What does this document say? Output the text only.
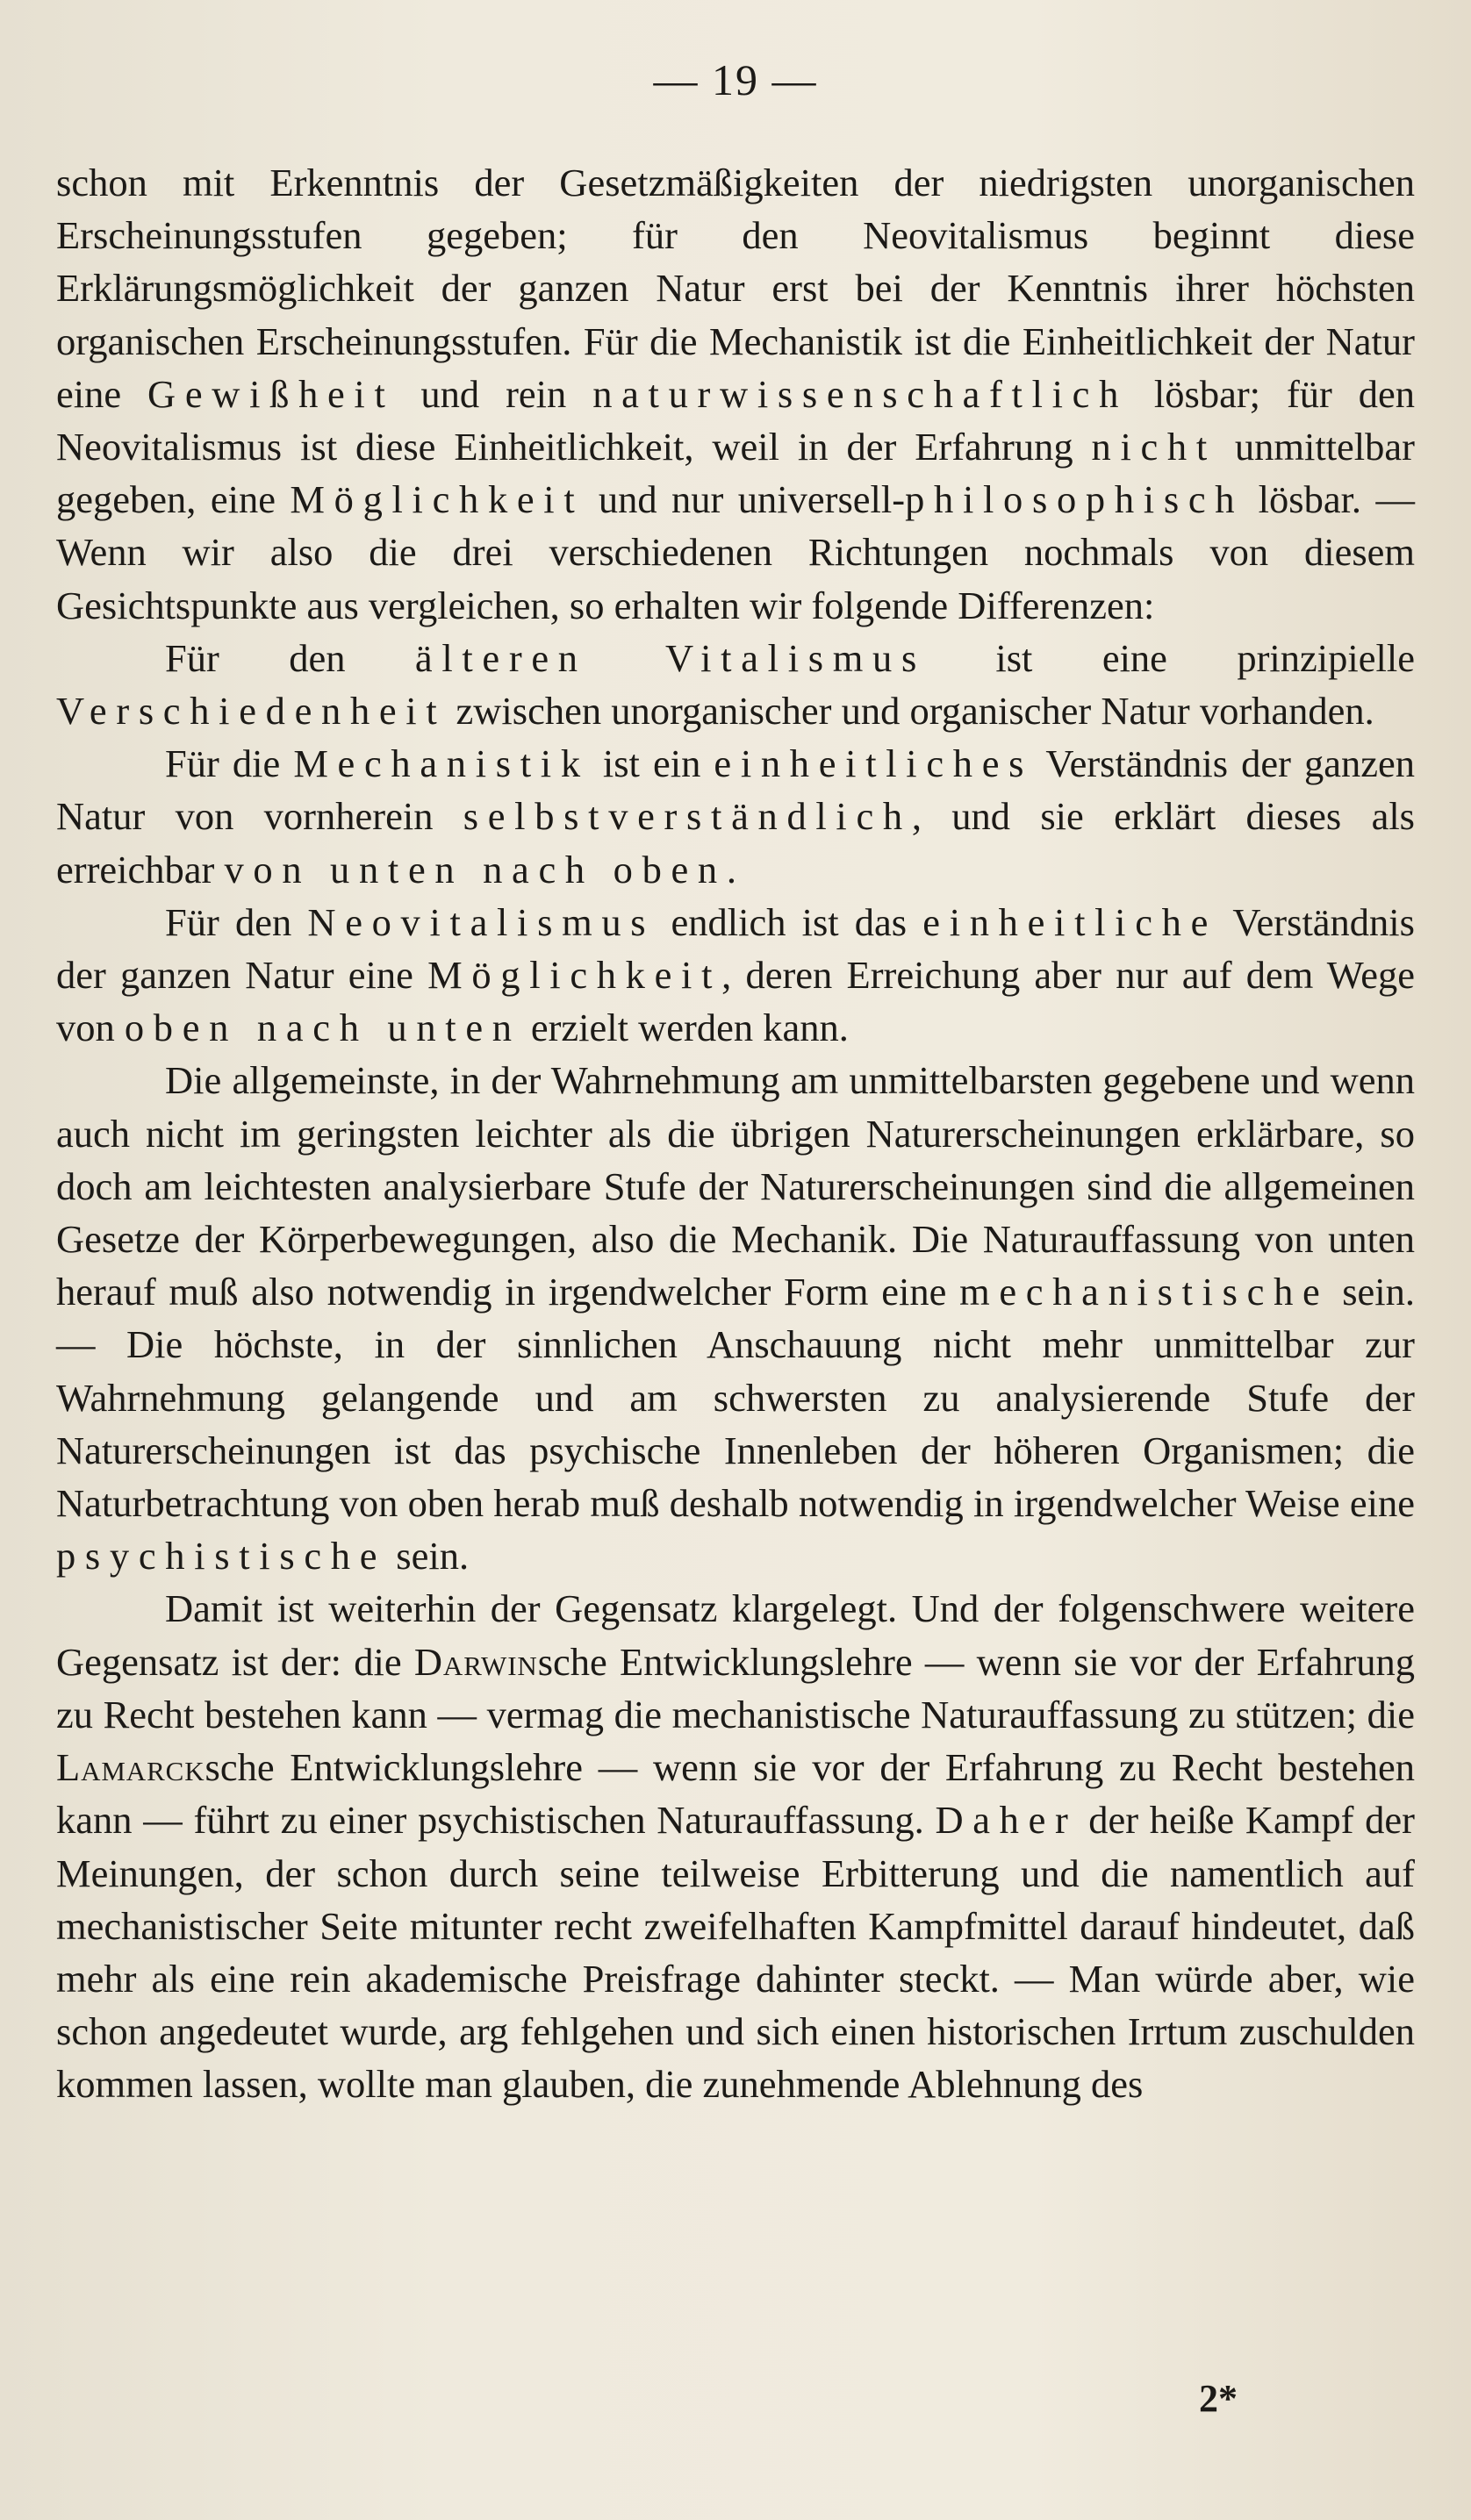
— 19 —

schon mit Erkenntnis der Gesetzmäßigkeiten der niedrigsten unorganischen Erscheinungsstufen gegeben; für den Neovitalismus beginnt diese Erklärungsmöglichkeit der ganzen Natur erst bei der Kenntnis ihrer höchsten organischen Erscheinungsstufen. Für die Mechanistik ist die Einheitlichkeit der Natur eine Gewißheit und rein naturwissenschaftlich lösbar; für den Neovitalismus ist diese Einheitlichkeit, weil in der Erfahrung nicht unmittelbar gegeben, eine Möglichkeit und nur universell-philosophisch lösbar. — Wenn wir also die drei verschiedenen Richtungen nochmals von diesem Gesichtspunkte aus vergleichen, so erhalten wir folgende Differenzen:

Für den älteren Vitalismus ist eine prinzipielle Verschiedenheit zwischen unorganischer und organischer Natur vorhanden.

Für die Mechanistik ist ein einheitliches Verständnis der ganzen Natur von vornherein selbstverständlich, und sie erklärt dieses als erreichbar von unten nach oben.

Für den Neovitalismus endlich ist das einheitliche Verständnis der ganzen Natur eine Möglichkeit, deren Erreichung aber nur auf dem Wege von oben nach unten erzielt werden kann.

Die allgemeinste, in der Wahrnehmung am unmittelbarsten gegebene und wenn auch nicht im geringsten leichter als die übrigen Naturerscheinungen erklärbare, so doch am leichtesten analysierbare Stufe der Naturerscheinungen sind die allgemeinen Gesetze der Körperbewegungen, also die Mechanik. Die Naturauffassung von unten herauf muß also notwendig in irgendwelcher Form eine mechanistische sein. — Die höchste, in der sinnlichen Anschauung nicht mehr unmittelbar zur Wahrnehmung gelangende und am schwersten zu analysierende Stufe der Naturerscheinungen ist das psychische Innenleben der höheren Organismen; die Naturbetrachtung von oben herab muß deshalb notwendig in irgendwelcher Weise eine psychistische sein.

Damit ist weiterhin der Gegensatz klargelegt. Und der folgenschwere weitere Gegensatz ist der: die Darwinsche Entwicklungslehre — wenn sie vor der Erfahrung zu Recht bestehen kann — vermag die mechanistische Naturauffassung zu stützen; die Lamarcksche Entwicklungslehre — wenn sie vor der Erfahrung zu Recht bestehen kann — führt zu einer psychistischen Naturauffassung. Daher der heiße Kampf der Meinungen, der schon durch seine teilweise Erbitterung und die namentlich auf mechanistischer Seite mitunter recht zweifelhaften Kampfmittel darauf hindeutet, daß mehr als eine rein akademische Preisfrage dahinter steckt. — Man würde aber, wie schon angedeutet wurde, arg fehlgehen und sich einen historischen Irrtum zuschulden kommen lassen, wollte man glauben, die zunehmende Ablehnung des

2*
